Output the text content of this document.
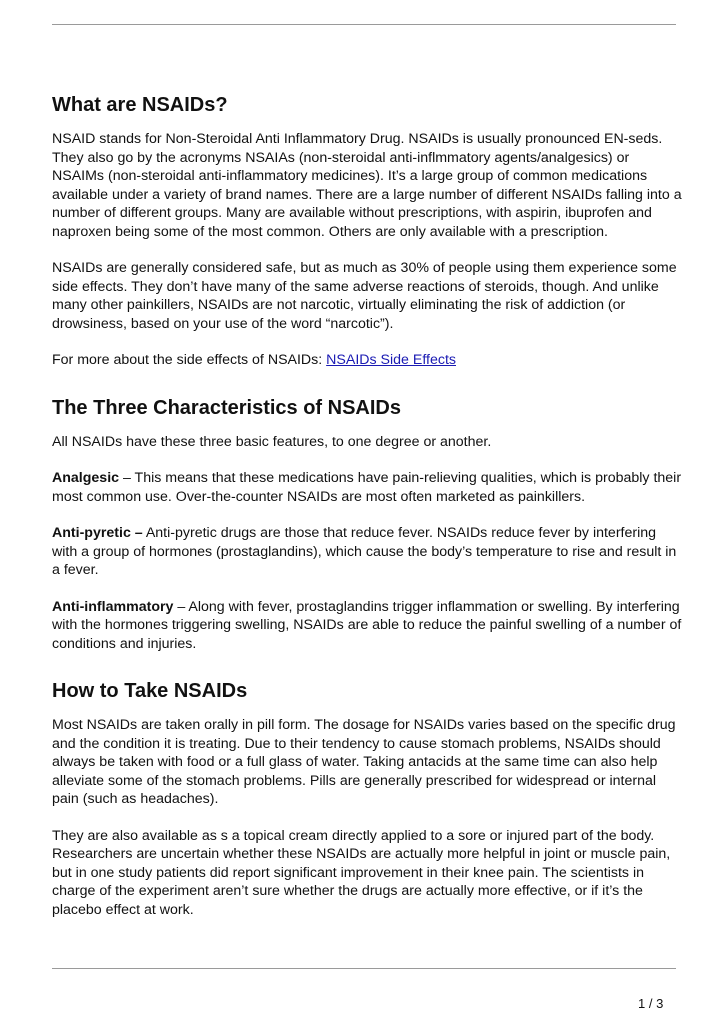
What are NSAIDs?

NSAID stands for Non-Steroidal Anti Inflammatory Drug. NSAIDs is usually pronounced EN-seds. They also go by the acronyms NSAIAs (non-steroidal anti-inflmmatory agents/analgesics) or NSAIMs (non-steroidal anti-inflammatory medicines). It’s a large group of common medications available under a variety of brand names. There are a large number of different NSAIDs falling into a number of different groups. Many are available without prescriptions, with aspirin, ibuprofen and naproxen being some of the most common. Others are only available with a prescription.

NSAIDs are generally considered safe, but as much as 30% of people using them experience some side effects. They don’t have many of the same adverse reactions of steroids, though. And unlike many other painkillers, NSAIDs are not narcotic, virtually eliminating the risk of addiction (or drowsiness, based on your use of the word “narcotic”).

For more about the side effects of NSAIDs: NSAIDs Side Effects

The Three Characteristics of NSAIDs

All NSAIDs have these three basic features, to one degree or another.

Analgesic – This means that these medications have pain-relieving qualities, which is probably their most common use. Over-the-counter NSAIDs are most often marketed as painkillers.

Anti-pyretic – Anti-pyretic drugs are those that reduce fever. NSAIDs reduce fever by interfering with a group of hormones (prostaglandins), which cause the body’s temperature to rise and result in a fever.

Anti-inflammatory – Along with fever, prostaglandins trigger inflammation or swelling. By interfering with the hormones triggering swelling, NSAIDs are able to reduce the painful swelling of a number of conditions and injuries.

How to Take NSAIDs

Most NSAIDs are taken orally in pill form. The dosage for NSAIDs varies based on the specific drug and the condition it is treating. Due to their tendency to cause stomach problems, NSAIDs should always be taken with food or a full glass of water. Taking antacids at the same time can also help alleviate some of the stomach problems. Pills are generally prescribed for widespread or internal pain (such as headaches).

They are also available as s a topical cream directly applied to a sore or injured part of the body. Researchers are uncertain whether these NSAIDs are actually more helpful in joint or muscle pain, but in one study patients did report significant improvement in their knee pain. The scientists in charge of the experiment aren’t sure whether the drugs are actually more effective, or if it’s the placebo effect at work.

1 / 3
